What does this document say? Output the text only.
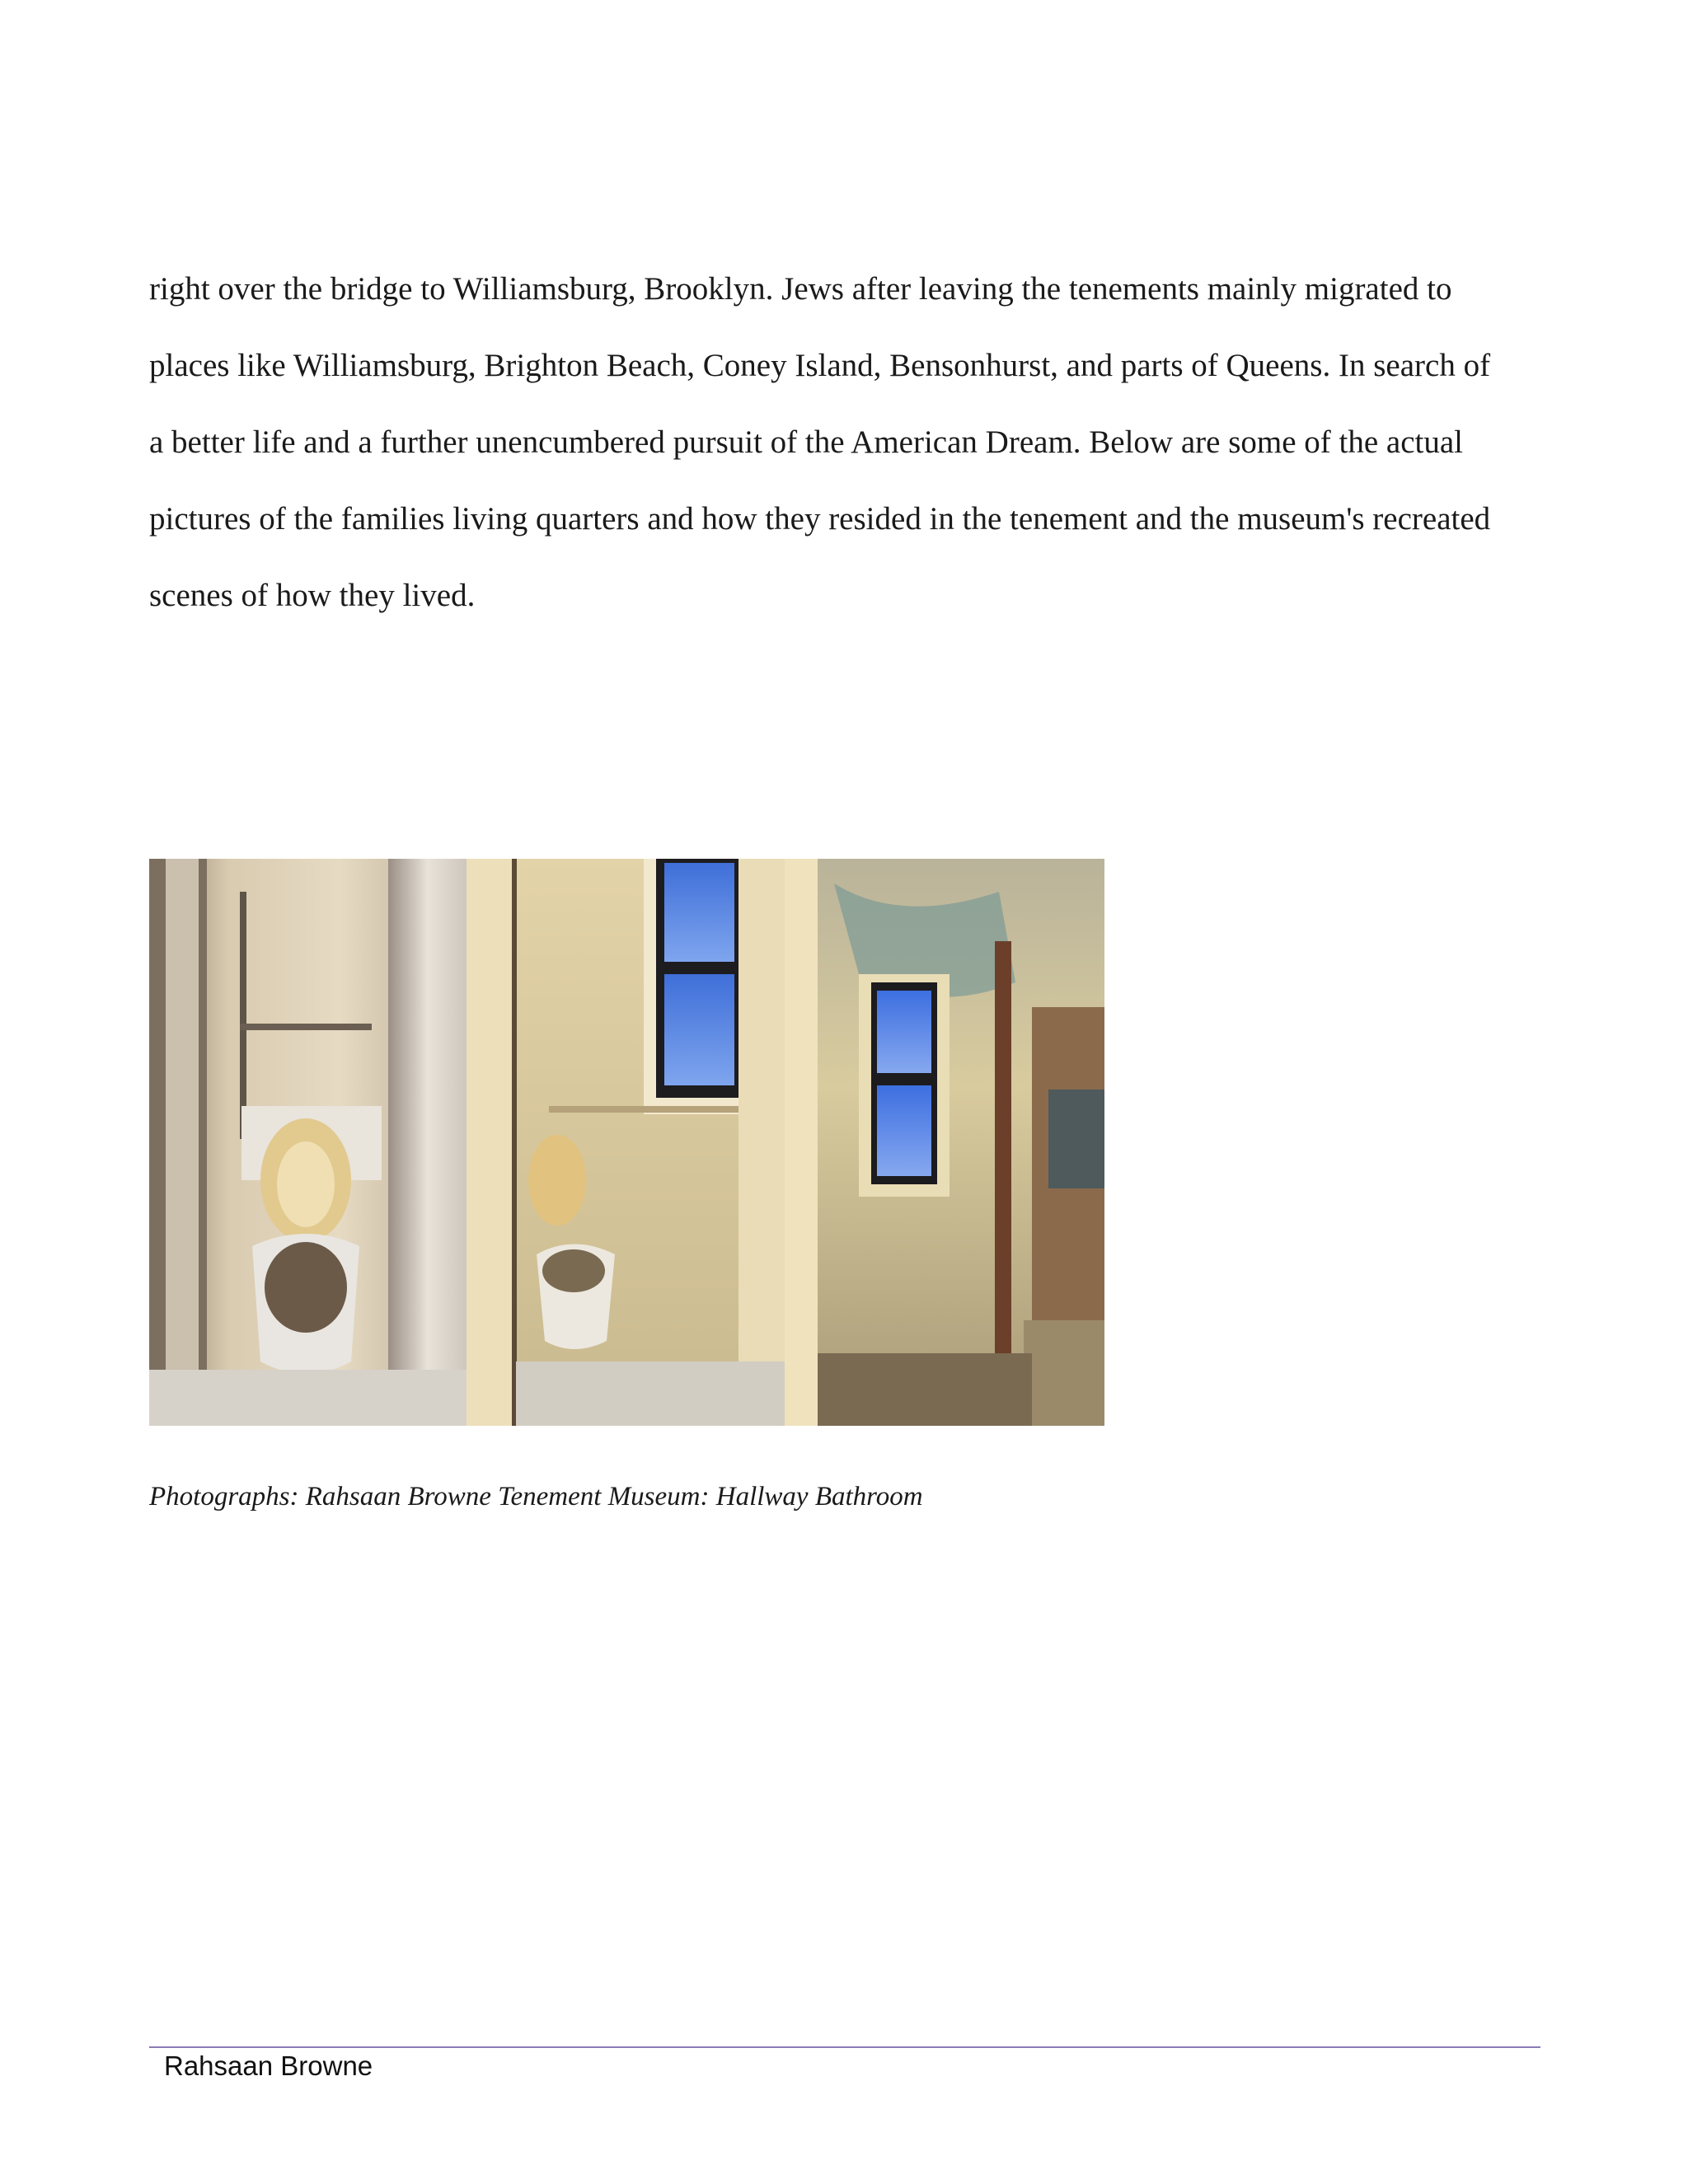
right over the bridge to Williamsburg, Brooklyn. Jews after leaving the tenements mainly migrated to
places like Williamsburg, Brighton Beach, Coney Island, Bensonhurst, and parts of Queens. In search of
a better life and a further unencumbered pursuit of the American Dream. Below are some of the actual
pictures of the families living quarters and how they resided in the tenement and the museum's recreated
scenes of how they lived.
Photographs: Rahsaan Browne Tenement Museum: Hallway Bathroom
Rahsaan Browne
